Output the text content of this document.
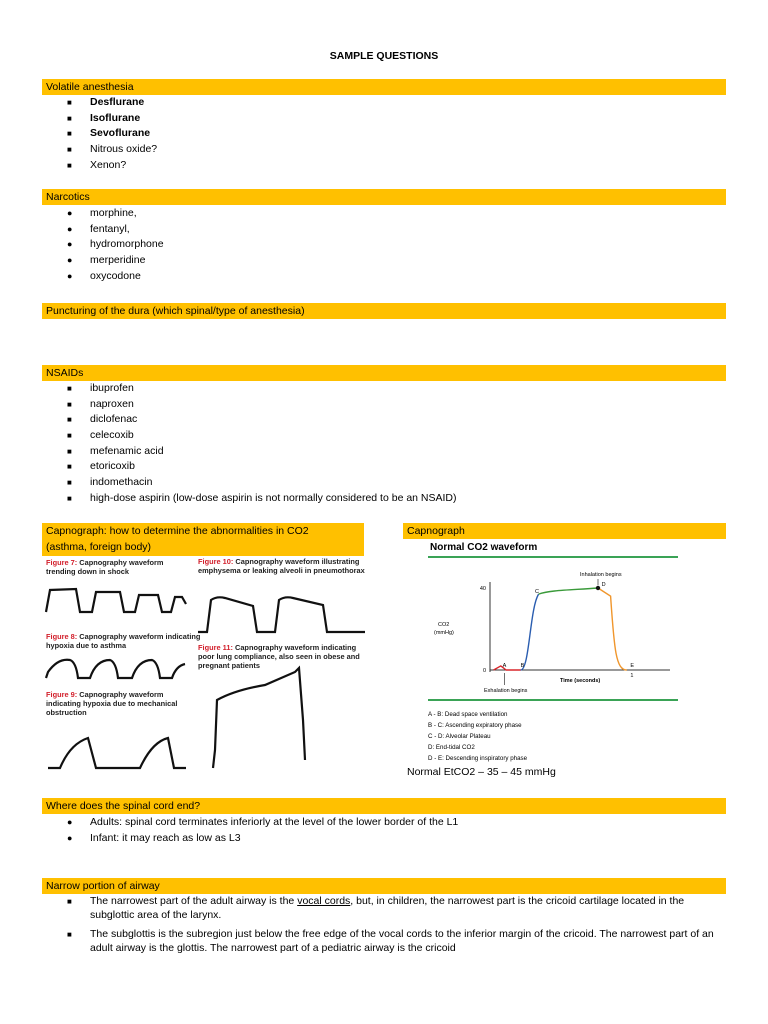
SAMPLE QUESTIONS
Volatile anesthesia
■ Desflurane
■ Isoflurane
■ Sevoflurane
■ Nitrous oxide?
■ Xenon?
Narcotics
● morphine,
● fentanyl,
● hydromorphone
● merperidine
● oxycodone
Puncturing of the dura (which spinal/type of anesthesia)
NSAIDs
■ ibuprofen
■ naproxen
■ diclofenac
■ celecoxib
■ mefenamic acid
■ etoricoxib
■ indomethacin
■ high-dose aspirin (low-dose aspirin is not normally considered to be an NSAID)
Capnograph: how to determine the abnormalities in CO2
(asthma, foreign body)
Capnograph
Figure 7: Capnography waveform trending down in shock
Figure 10: Capnography waveform illustrating emphysema or leaking alveoli in pneumothorax
Figure 8: Capnography waveform indicating hypoxia due to asthma	Figure 11: Capnography waveform indicating poor lung compliance, also seen in obese and pregnant patients
Figure 9: Capnography waveform indicating hypoxia due to mechanical obstruction
Normal CO2 waveform
0
40
CO2
(mmHg)
Time (seconds)
A	B
C
D
E
1
Inhalation begins
Exhalation begins
A - B: Dead space ventilation
B - C: Ascending expiratory phase
C - D: Alveolar Plateau
D: End-tidal CO2
D - E: Descending inspiratory phase
Normal EtCO2 – 35 – 45 mmHg
Where does the spinal cord end?
● Adults: spinal cord terminates inferiorly at the level of the lower border of the L1
● Infant: it may reach as low as L3
Narrow portion of airway
■ The narrowest part of the adult airway is the vocal cords, but, in children, the narrowest part is the cricoid cartilage located in the subglottic area of the larynx.
■ The subglottis is the subregion just below the free edge of the vocal cords to the inferior margin of the cricoid. The narrowest part of an adult airway is the glottis. The narrowest part of a pediatric airway is the cricoid
